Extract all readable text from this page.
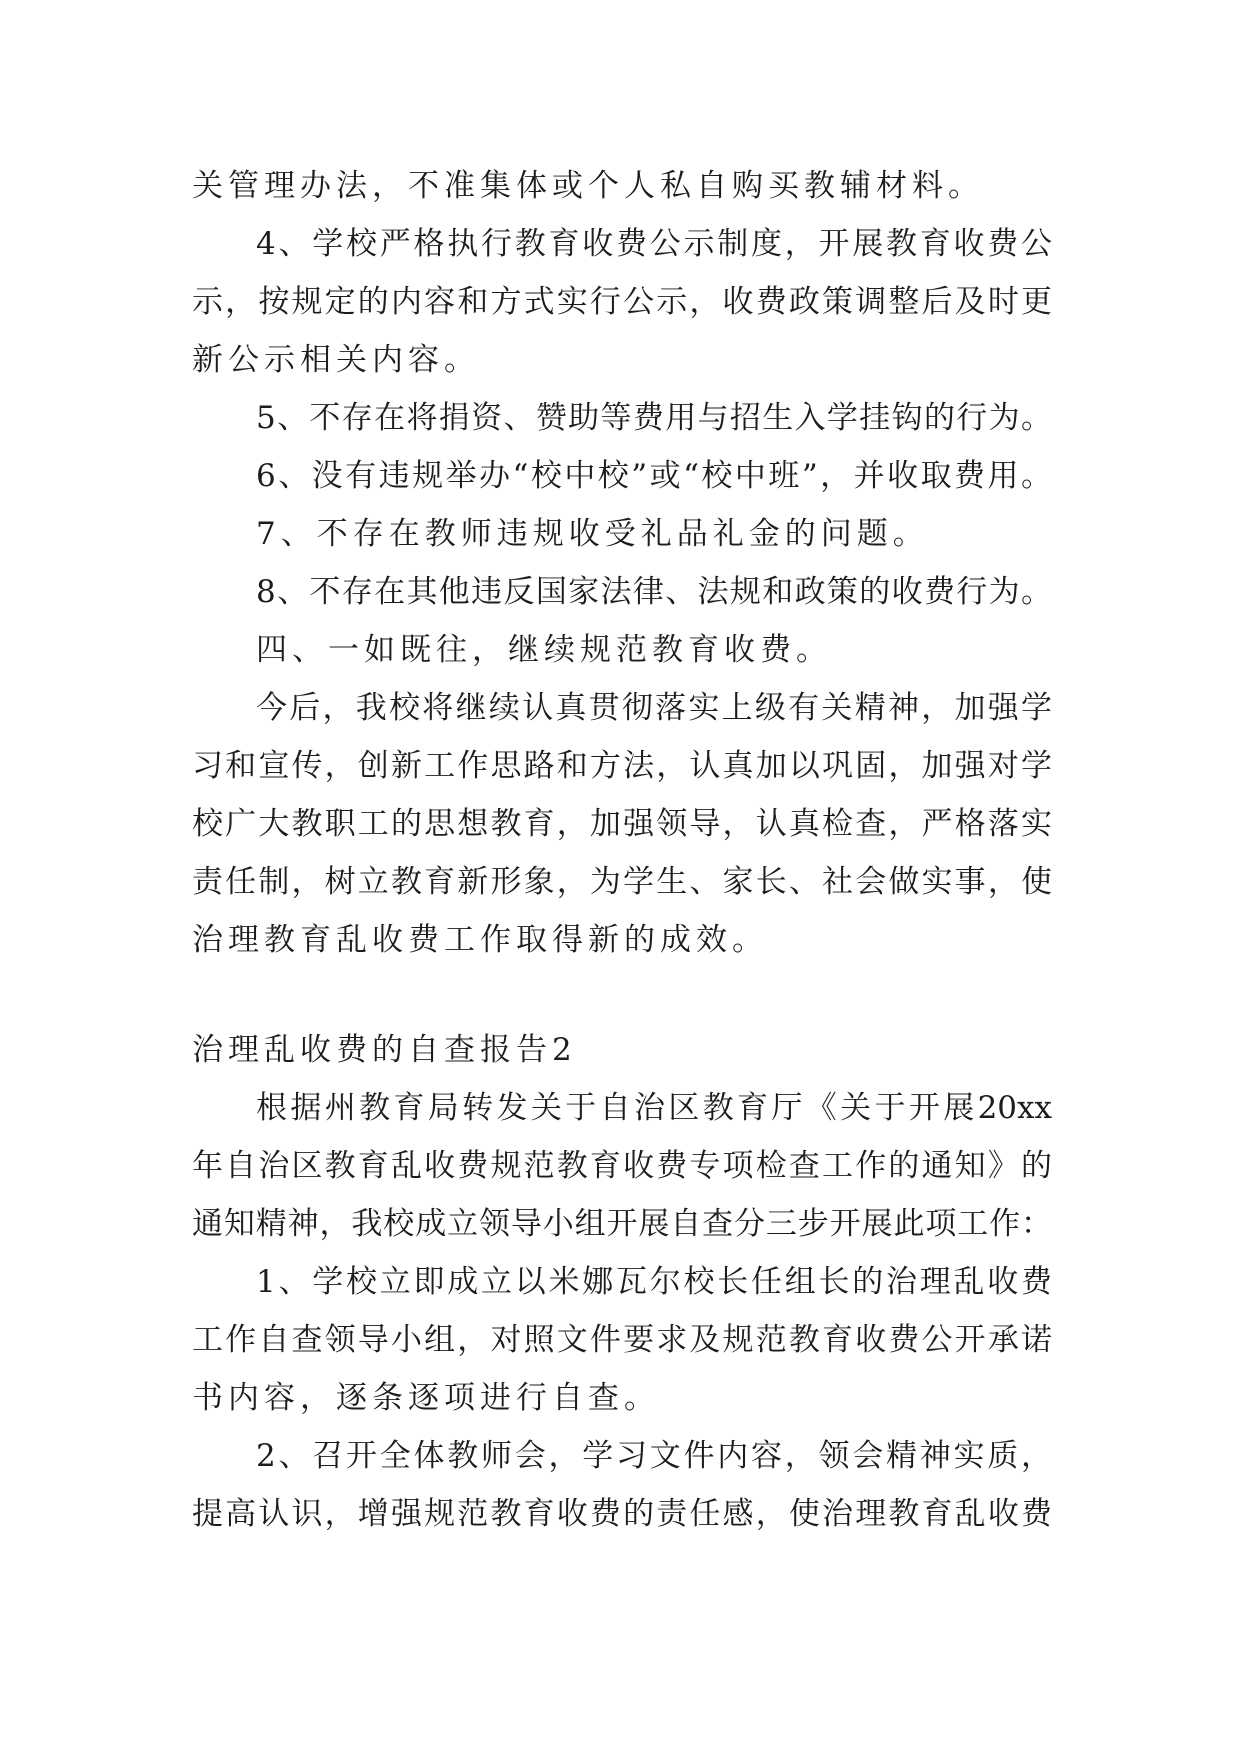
关管理办法，不准集体或个人私自购买教辅材料。
4、学校严格执行教育收费公示制度，开展教育收费公
示，按规定的内容和方式实行公示，收费政策调整后及时更
新公示相关内容。
5、不存在将捐资、赞助等费用与招生入学挂钩的行为。
6、没有违规举办“校中校”或“校中班”，并收取费用。
7、不存在教师违规收受礼品礼金的问题。
8、不存在其他违反国家法律、法规和政策的收费行为。
四、一如既往，继续规范教育收费。
今后，我校将继续认真贯彻落实上级有关精神，加强学
习和宣传，创新工作思路和方法，认真加以巩固，加强对学
校广大教职工的思想教育，加强领导，认真检查，严格落实
责任制，树立教育新形象，为学生、家长、社会做实事，使
治理教育乱收费工作取得新的成效。
治理乱收费的自查报告2
根据州教育局转发关于自治区教育厅《关于开展20xx
年自治区教育乱收费规范教育收费专项检查工作的通知》的
通知精神，我校成立领导小组开展自查分三步开展此项工作：
1、学校立即成立以米娜瓦尔校长任组长的治理乱收费
工作自查领导小组，对照文件要求及规范教育收费公开承诺
书内容，逐条逐项进行自查。
2、召开全体教师会，学习文件内容，领会精神实质，
提高认识，增强规范教育收费的责任感，使治理教育乱收费
